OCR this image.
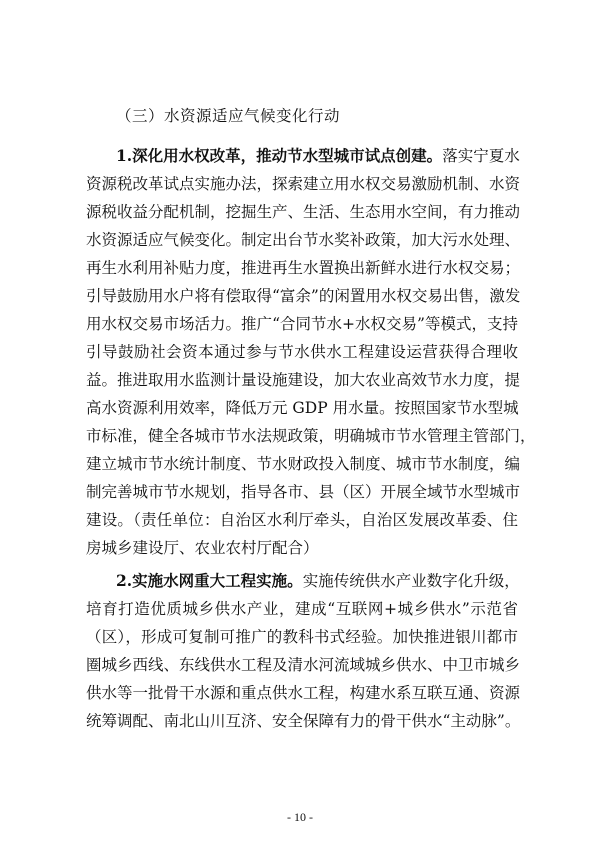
（三）水资源适应气候变化行动
1.深化用水权改革，推动节水型城市试点创建。落实宁夏水
资源税改革试点实施办法，探索建立用水权交易激励机制、水资
源税收益分配机制，挖掘生产、生活、生态用水空间，有力推动
水资源适应气候变化。制定出台节水奖补政策，加大污水处理、
再生水利用补贴力度，推进再生水置换出新鲜水进行水权交易；
引导鼓励用水户将有偿取得“富余”的闲置用水权交易出售，激发
用水权交易市场活力。推广“合同节水+水权交易”等模式，支持
引导鼓励社会资本通过参与节水供水工程建设运营获得合理收
益。推进取用水监测计量设施建设，加大农业高效节水力度，提
高水资源利用效率，降低万元 GDP 用水量。按照国家节水型城
市标准，健全各城市节水法规政策，明确城市节水管理主管部门，
建立城市节水统计制度、节水财政投入制度、城市节水制度，编
制完善城市节水规划，指导各市、县（区）开展全域节水型城市
建设。（责任单位：自治区水利厅牵头，自治区发展改革委、住
房城乡建设厅、农业农村厅配合）
2.实施水网重大工程实施。实施传统供水产业数字化升级，
培育打造优质城乡供水产业，建成“互联网+城乡供水”示范省
（区），形成可复制可推广的教科书式经验。加快推进银川都市
圈城乡西线、东线供水工程及清水河流域城乡供水、中卫市城乡
供水等一批骨干水源和重点供水工程，构建水系互联互通、资源
统筹调配、南北山川互济、安全保障有力的骨干供水“主动脉”。
- 10 -
